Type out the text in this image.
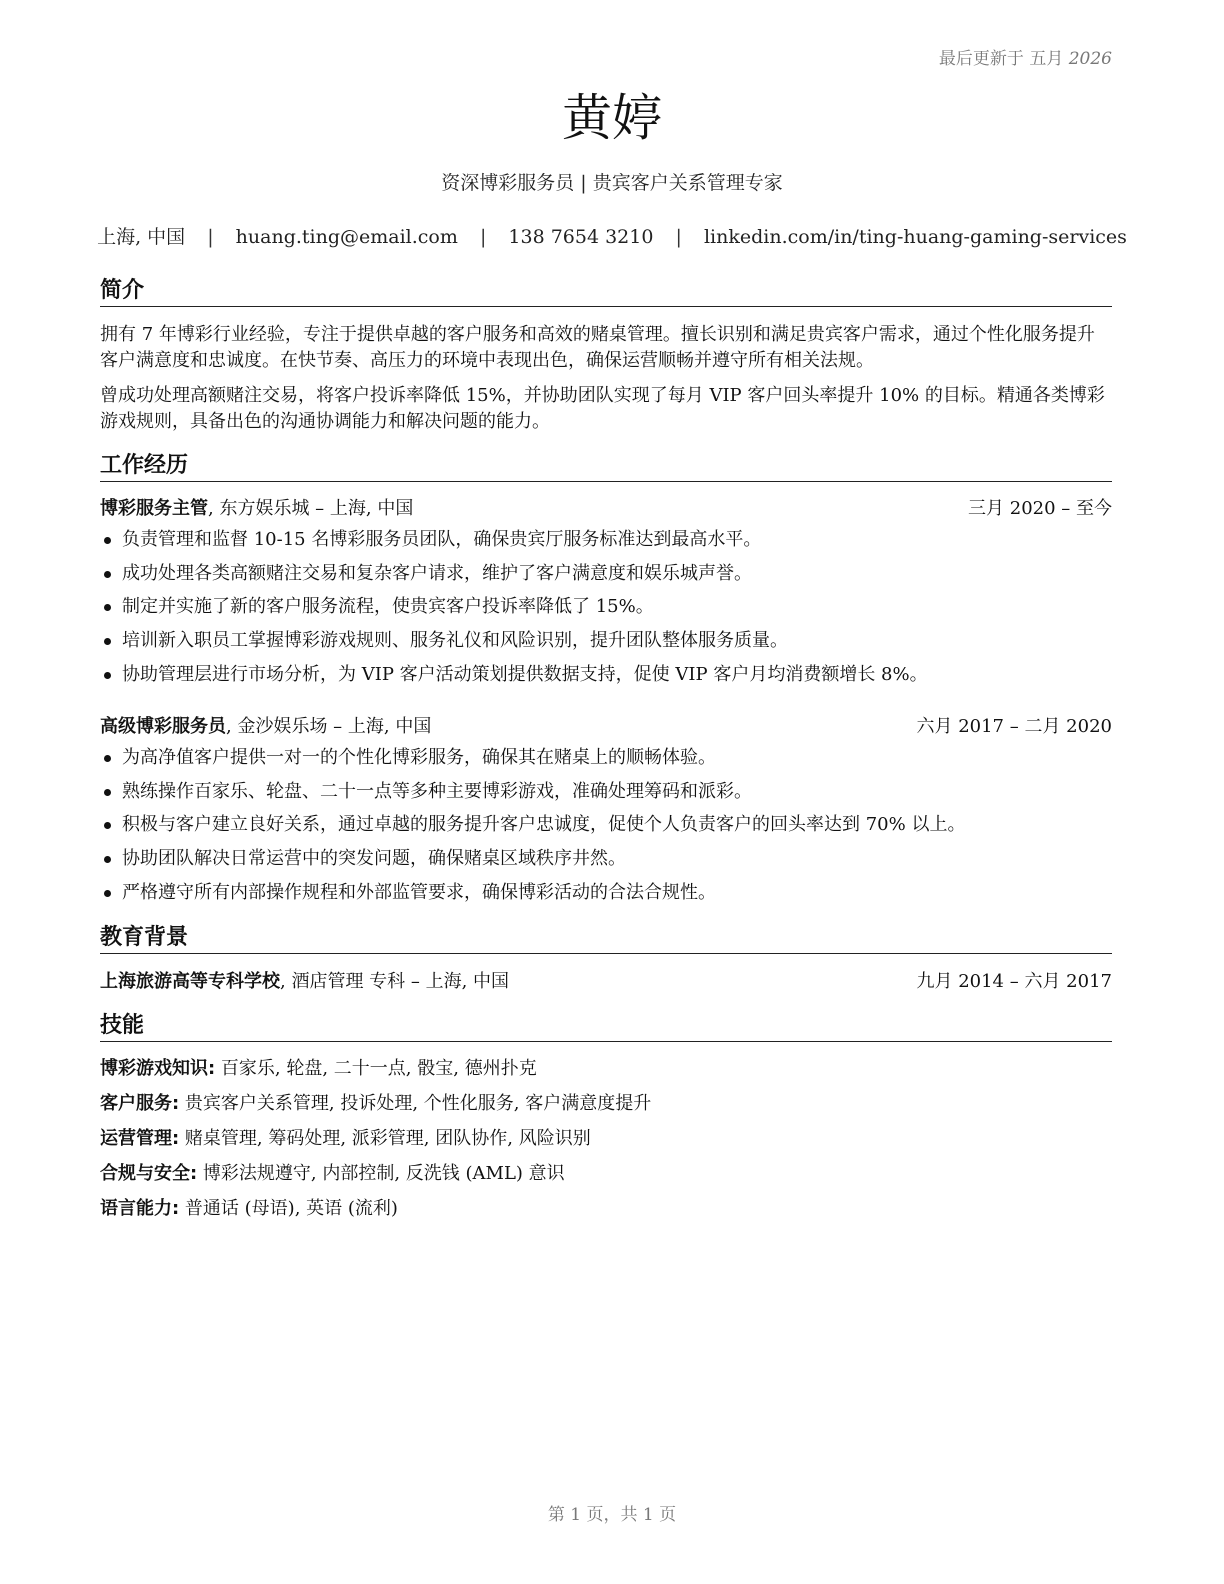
最后更新于 五月 2026
黄婷
资深博彩服务员 | 贵宾客户关系管理专家
上海, 中国 | huang.ting@email.com | 138 7654 3210 | linkedin.com/in/ting-huang-gaming-services
简介
拥有 7 年博彩行业经验，专注于提供卓越的客户服务和高效的赌桌管理。擅长识别和满足贵宾客户需求，通过个性化服务提升客户满意度和忠诚度。在快节奏、高压力的环境中表现出色，确保运营顺畅并遵守所有相关法规。
曾成功处理高额赌注交易，将客户投诉率降低 15%，并协助团队实现了每月 VIP 客户回头率提升 10% 的目标。精通各类博彩游戏规则，具备出色的沟通协调能力和解决问题的能力。
工作经历
博彩服务主管, 东方娱乐城 – 上海, 中国	三月 2020 – 至今
负责管理和监督 10-15 名博彩服务员团队，确保贵宾厅服务标准达到最高水平。
成功处理各类高额赌注交易和复杂客户请求，维护了客户满意度和娱乐城声誉。
制定并实施了新的客户服务流程，使贵宾客户投诉率降低了 15%。
培训新入职员工掌握博彩游戏规则、服务礼仪和风险识别，提升团队整体服务质量。
协助管理层进行市场分析，为 VIP 客户活动策划提供数据支持，促使 VIP 客户月均消费额增长 8%。
高级博彩服务员, 金沙娱乐场 – 上海, 中国	六月 2017 – 二月 2020
为高净值客户提供一对一的个性化博彩服务，确保其在赌桌上的顺畅体验。
熟练操作百家乐、轮盘、二十一点等多种主要博彩游戏，准确处理筹码和派彩。
积极与客户建立良好关系，通过卓越的服务提升客户忠诚度，促使个人负责客户的回头率达到 70% 以上。
协助团队解决日常运营中的突发问题，确保赌桌区域秩序井然。
严格遵守所有内部操作规程和外部监管要求，确保博彩活动的合法合规性。
教育背景
上海旅游高等专科学校, 酒店管理 专科 – 上海, 中国	九月 2014 – 六月 2017
技能
博彩游戏知识: 百家乐, 轮盘, 二十一点, 骰宝, 德州扑克
客户服务: 贵宾客户关系管理, 投诉处理, 个性化服务, 客户满意度提升
运营管理: 赌桌管理, 筹码处理, 派彩管理, 团队协作, 风险识别
合规与安全: 博彩法规遵守, 内部控制, 反洗钱 (AML) 意识
语言能力: 普通话 (母语), 英语 (流利)
第 1 页，共 1 页
